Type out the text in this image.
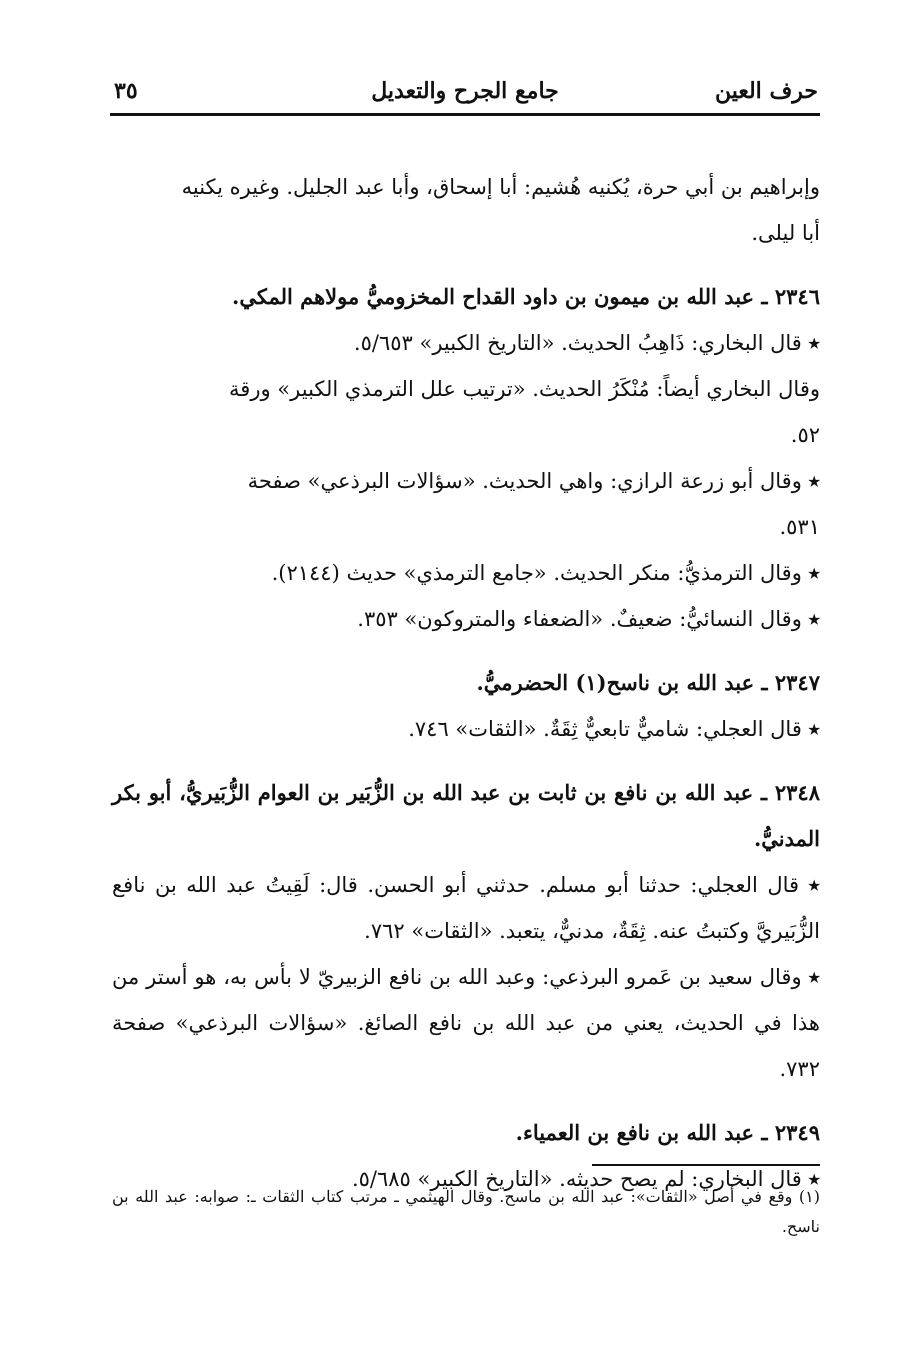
حرف العين
جامع الجرح والتعديل
٣٥

وإبراهيم بن أبي حرة، يُكنيه هُشيم: أبا إسحاق، وأبا عبد الجليل. وغيره يكنيه

أبا ليلى.

٢٣٤٦ ـ عبد الله بن ميمون بن داود القداح المخزوميُّ مولاهم المكي.

٭ قال البخاري: ذَاهِبُ الحديث. «التاريخ الكبير» ٥/٦٥٣.

وقال البخاري أيضاً: مُنْكَرُ الحديث. «ترتيب علل الترمذي الكبير» ورقة

٥٢.

٭ وقال أبو زرعة الرازي: واهي الحديث. «سؤالات البرذعي» صفحة

٥٣١.

٭ وقال الترمذيُّ: منكر الحديث. «جامع الترمذي» حديث (٢١٤٤).

٭ وقال النسائيُّ: ضعيفٌ. «الضعفاء والمتروكون» ٣٥٣.

٢٣٤٧ ـ عبد الله بن ناسح(١) الحضرميُّ.

٭ قال العجلي: شاميٌّ تابعيٌّ ثِقَةٌ. «الثقات» ٧٤٦.

٢٣٤٨ ـ عبد الله بن نافع بن ثابت بن عبد الله بن الزُّبَير بن العوام الزُّبَيريُّ، أبو بكر المدنيُّ.

٭ قال العجلي: حدثنا أبو مسلم. حدثني أبو الحسن. قال: لَقِيتُ عبد الله بن نافع الزُّبَيريَّ وكتبتُ عنه. ثِقَةٌ، مدنيٌّ، يتعبد. «الثقات» ٧٦٢.

٭ وقال سعيد بن عَمرو البرذعي: وعبد الله بن نافع الزبيريّ لا بأس به، هو أستر من هذا في الحديث، يعني من عبد الله بن نافع الصائغ. «سؤالات البرذعي» صفحة ٧٣٢.

٢٣٤٩ ـ عبد الله بن نافع بن العمياء.

٭ قال البخاري: لم يصح حديثه. «التاريخ الكبير» ٥/٦٨٥.

(١) وقع في أصل «الثقات»: عبد الله بن ماسح. وقال الهيثمي ـ مرتب كتاب الثقات ـ: صوابه: عبد الله بن ناسح.
